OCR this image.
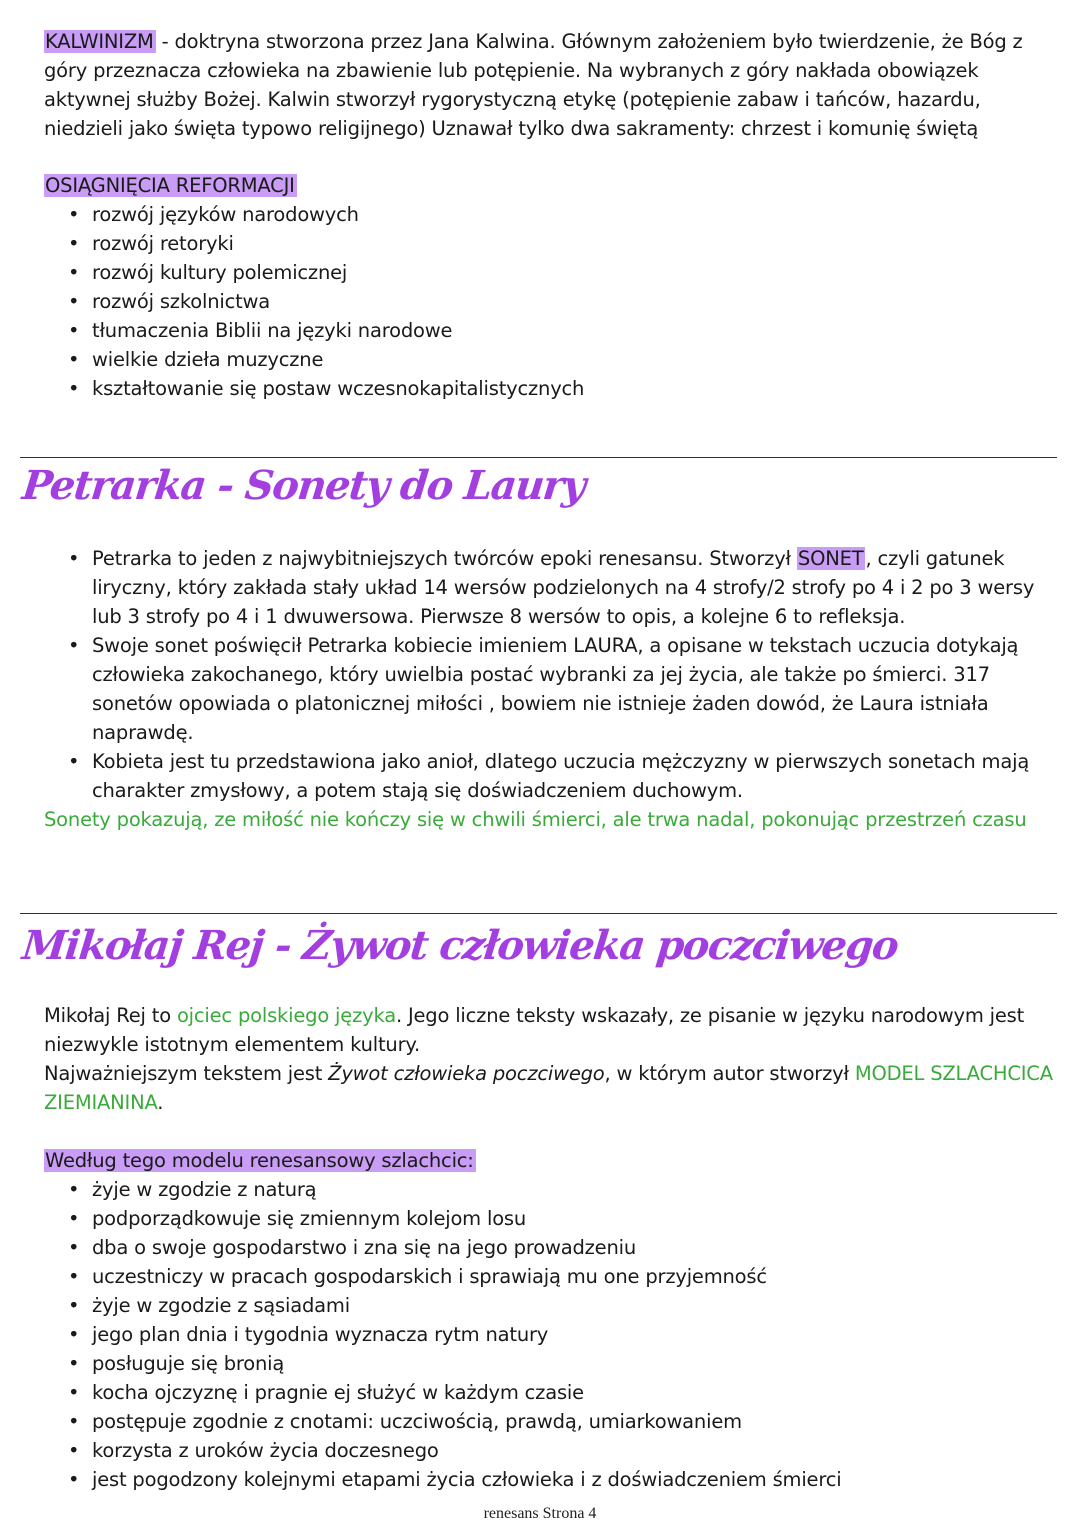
KALWINIZM - doktryna stworzona przez Jana Kalwina. Głównym założeniem było twierdzenie, że Bóg z góry przeznacza człowieka na zbawienie lub potępienie. Na wybranych z góry nakłada obowiązek aktywnej służby Bożej. Kalwin stworzył rygorystyczną etykę (potępienie zabaw i tańców, hazardu, niedzieli jako święta typowo religijnego) Uznawał tylko dwa sakramenty: chrzest i komunię świętą
OSIĄGNIĘCIA REFORMACJI
• rozwój języków narodowych
• rozwój retoryki
• rozwój kultury polemicznej
• rozwój szkolnictwa
• tłumaczenia Biblii na języki narodowe
• wielkie dzieła muzyczne
• kształtowanie się postaw wczesnokapitalistycznych
Petrarka - Sonety do Laury
• Petrarka to jeden z najwybitniejszych twórców epoki renesansu. Stworzył SONET , czyli gatunek liryczny, który zakłada stały układ 14 wersów podzielonych na 4 strofy/2 strofy po 4 i 2 po 3 wersy lub 3 strofy po 4 i 1 dwuwersowa. Pierwsze 8 wersów to opis, a kolejne 6 to refleksja.
• Swoje sonet poświęcił Petrarka kobiecie imieniem LAURA, a opisane w tekstach uczucia dotykają człowieka zakochanego, który uwielbia postać wybranki za jej życia, ale także po śmierci. 317 sonetów opowiada o platonicznej miłości , bowiem nie istnieje żaden dowód, że Laura istniała naprawdę.
• Kobieta jest tu przedstawiona jako anioł, dlatego uczucia mężczyzny w pierwszych sonetach mają charakter zmysłowy, a potem stają się doświadczeniem duchowym.
Sonety pokazują, ze miłość nie kończy się w chwili śmierci, ale trwa nadal, pokonując przestrzeń czasu
Mikołaj Rej - Żywot człowieka poczciwego
Mikołaj Rej to ojciec polskiego języka. Jego liczne teksty wskazały, ze pisanie w języku narodowym jest niezwykle istotnym elementem kultury.
Najważniejszym tekstem jest Żywot człowieka poczciwego, w którym autor stworzył MODEL SZLACHCICA ZIEMIANINA.
Według tego modelu renesansowy szlachcic:
• żyje w zgodzie z naturą
• podporządkowuje się zmiennym kolejom losu
• dba o swoje gospodarstwo i zna się na jego prowadzeniu
• uczestniczy w pracach gospodarskich i sprawiają mu one przyjemność
• żyje w zgodzie z sąsiadami
• jego plan dnia i tygodnia wyznacza rytm natury
• posługuje się bronią
• kocha ojczyznę i pragnie ej służyć w każdym czasie
• postępuje zgodnie z cnotami: uczciwością, prawdą, umiarkowaniem
• korzysta z uroków życia doczesnego
• jest pogodzony kolejnymi etapami życia człowieka i z doświadczeniem śmierci
renesans Strona 4
